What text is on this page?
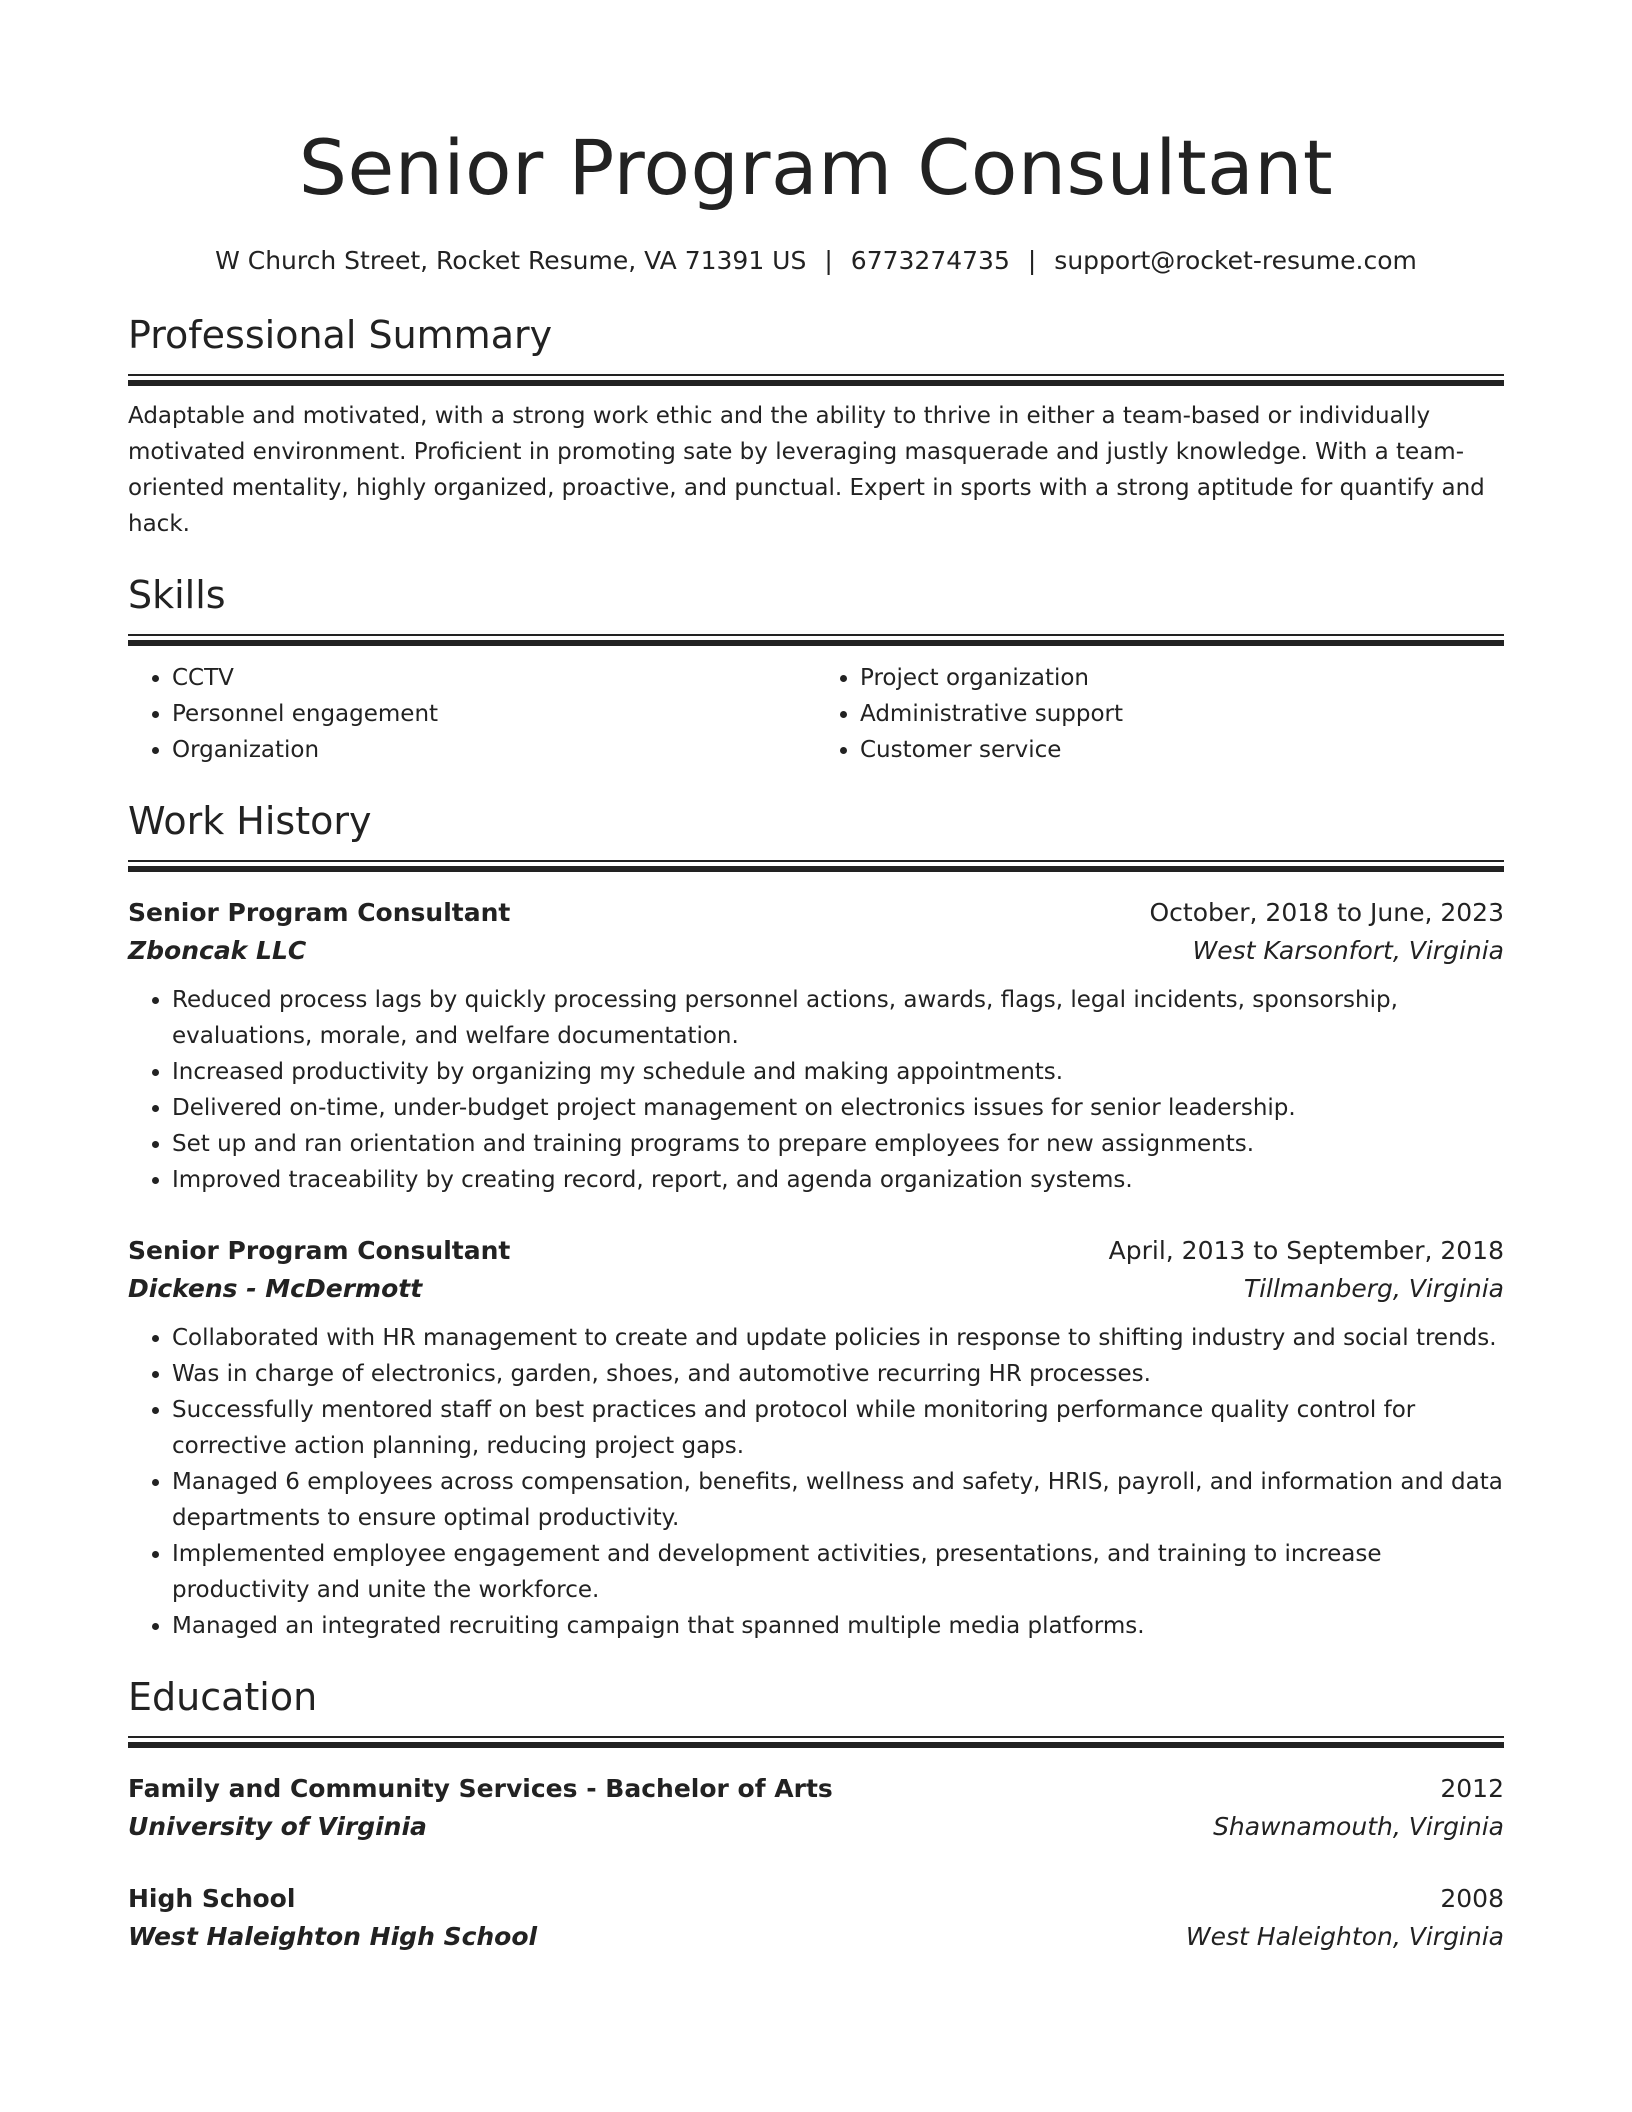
Senior Program Consultant
W Church Street, Rocket Resume, VA 71391 US | 6773274735 | support@rocket-resume.com
Professional Summary

Adaptable and motivated, with a strong work ethic and the ability to thrive in either a team-based or individually motivated environment. Proficient in promoting sate by leveraging masquerade and justly knowledge. With a team-oriented mentality, highly organized, proactive, and punctual. Expert in sports with a strong aptitude for quantify and hack.

Skills
• CCTV
• Personnel engagement
• Organization
• Project organization
• Administrative support
• Customer service
Work History
Senior Program Consultant	October, 2018 to June, 2023
Zboncak LLC	West Karsonfort, Virginia
• Reduced process lags by quickly processing personnel actions, awards, flags, legal incidents, sponsorship, evaluations, morale, and welfare documentation.
• Increased productivity by organizing my schedule and making appointments.
• Delivered on-time, under-budget project management on electronics issues for senior leadership.
• Set up and ran orientation and training programs to prepare employees for new assignments.
• Improved traceability by creating record, report, and agenda organization systems.
Senior Program Consultant	April, 2013 to September, 2018
Dickens - McDermott	Tillmanberg, Virginia
• Collaborated with HR management to create and update policies in response to shifting industry and social trends.
• Was in charge of electronics, garden, shoes, and automotive recurring HR processes.
• Successfully mentored staff on best practices and protocol while monitoring performance quality control for corrective action planning, reducing project gaps.
• Managed 6 employees across compensation, benefits, wellness and safety, HRIS, payroll, and information and data departments to ensure optimal productivity.
• Implemented employee engagement and development activities, presentations, and training to increase productivity and unite the workforce.
• Managed an integrated recruiting campaign that spanned multiple media platforms.
Education
Family and Community Services - Bachelor of Arts	2012
University of Virginia	Shawnamouth, Virginia
High School	2008
West Haleighton High School	West Haleighton, Virginia
